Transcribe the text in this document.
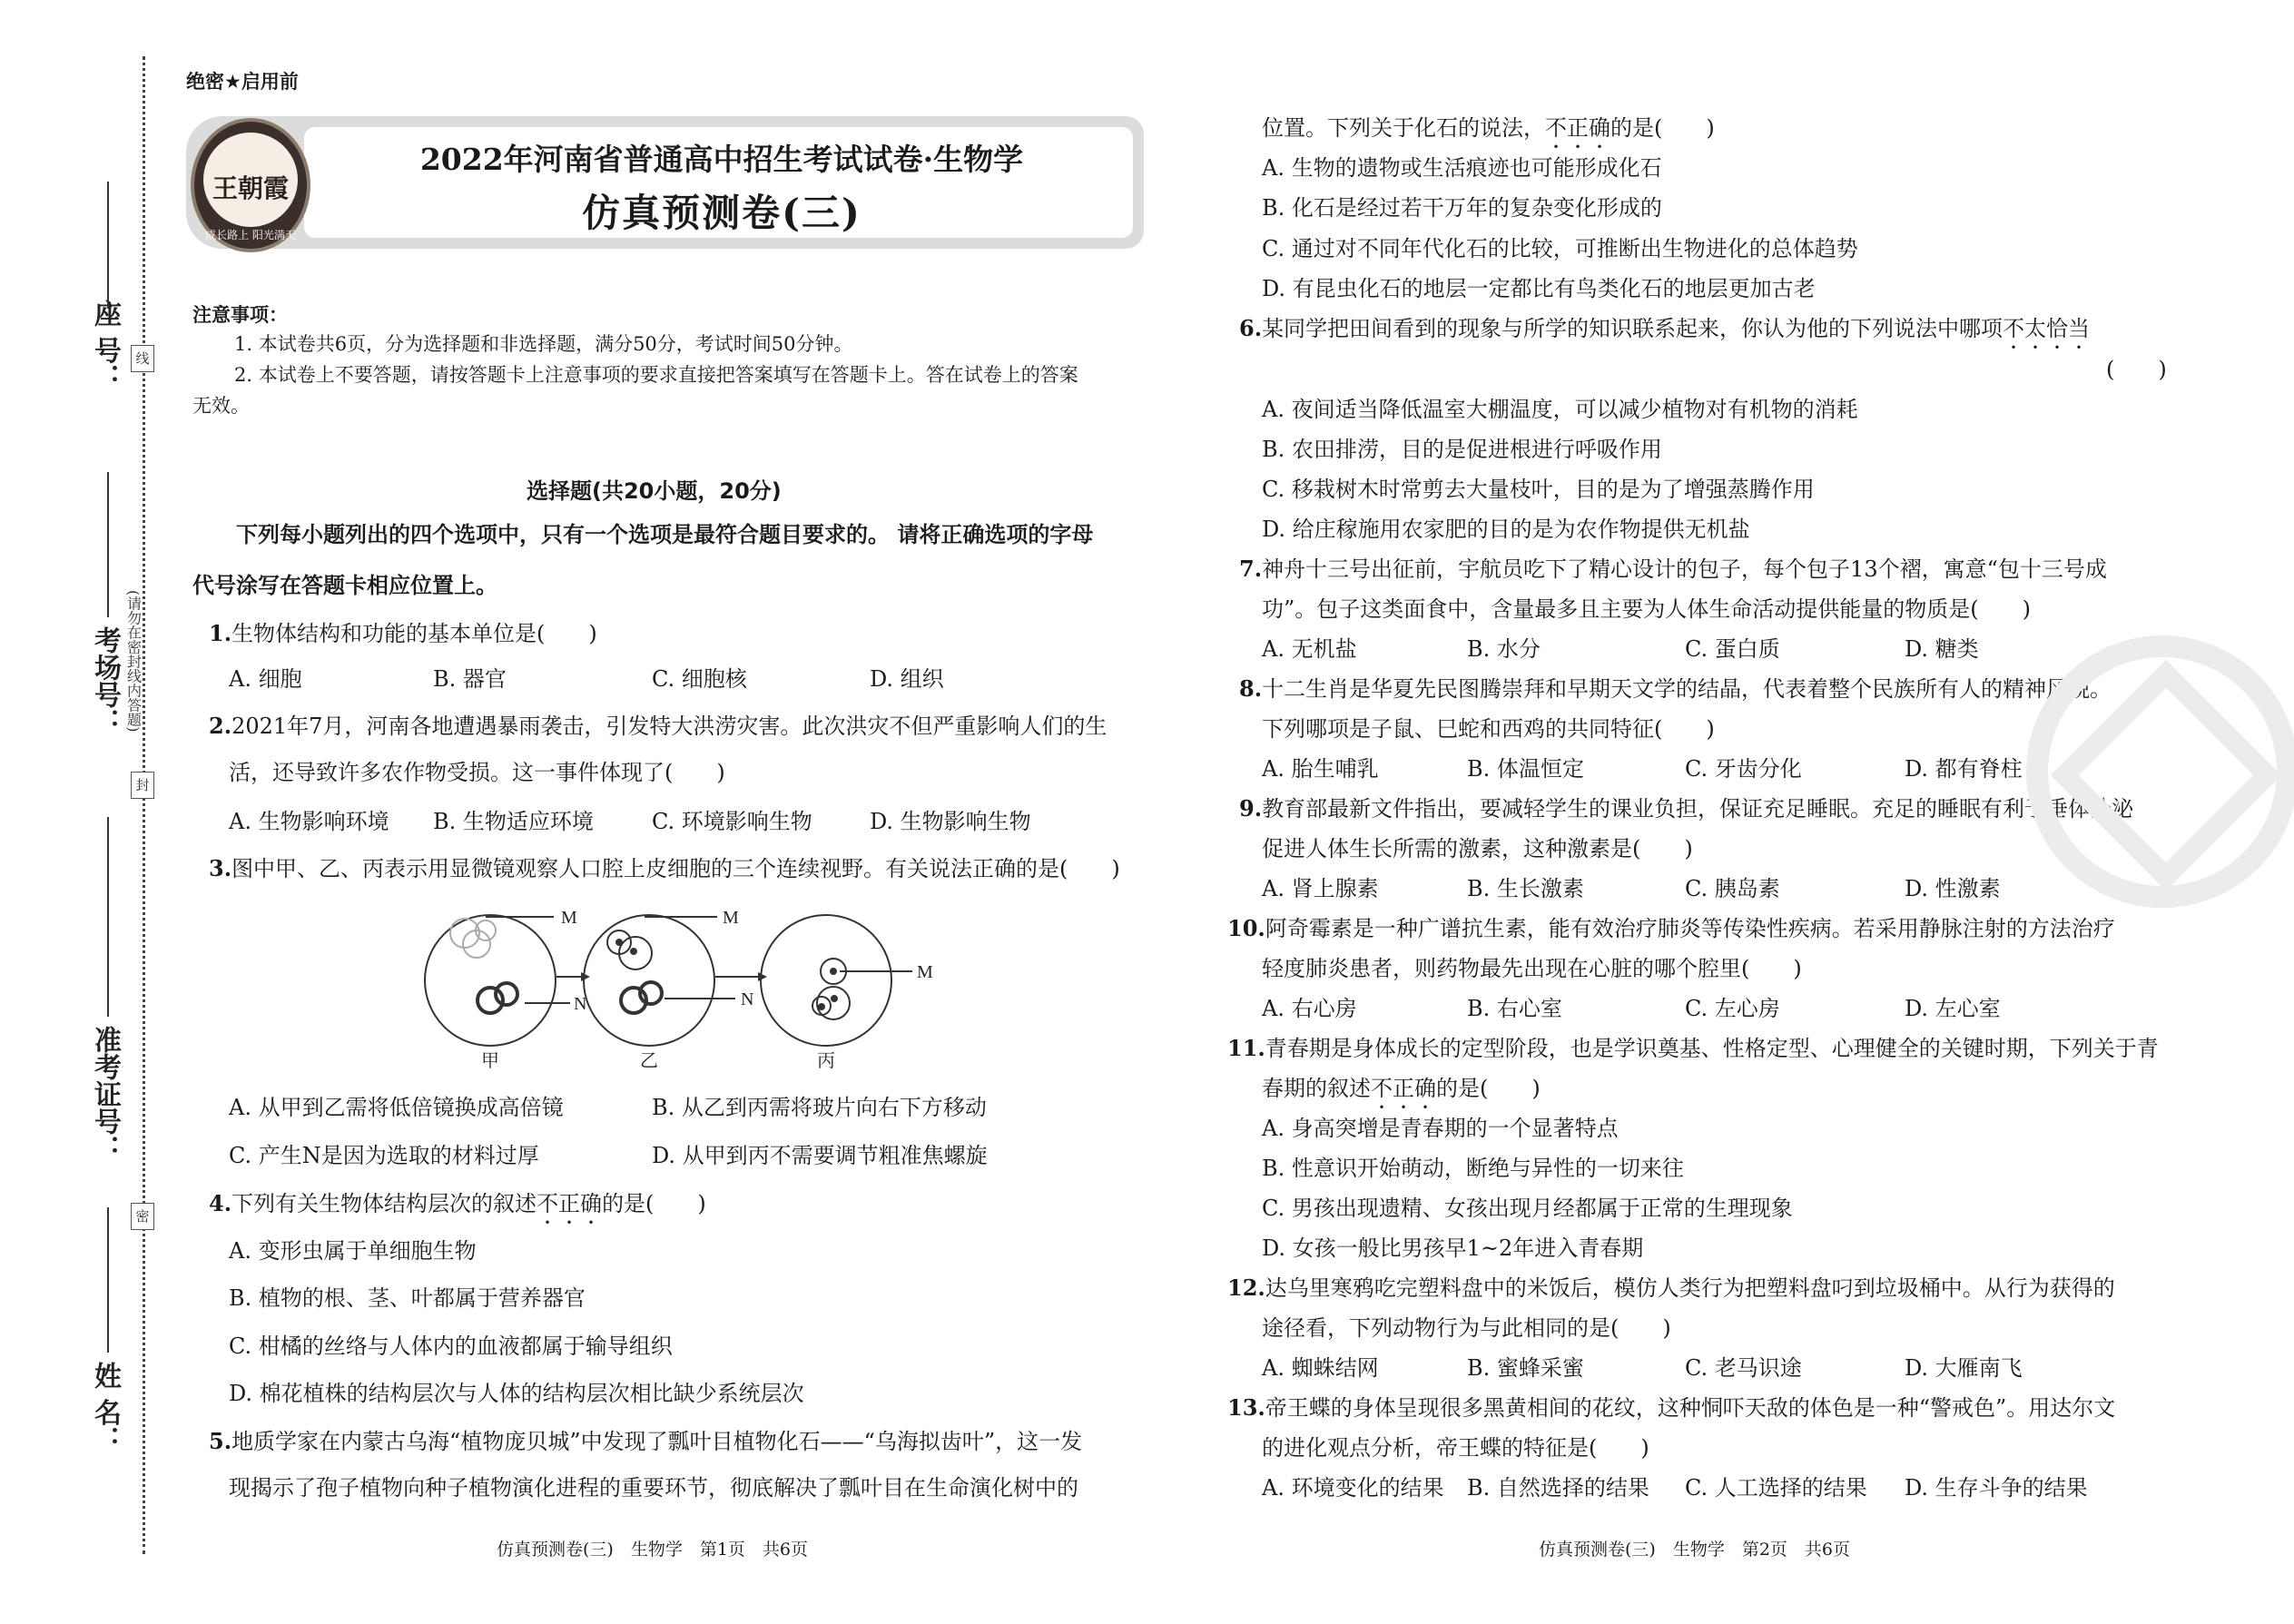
座 号：
考场号：
准考证号：
姓 名：
线
封
密
(请勿在密封线内答题)
绝密★启用前
王朝霞
成长路上 阳光满天
2022年河南省普通高中招生考试试卷·生物学
仿真预测卷(三)
注意事项：
1. 本试卷共6页，分为选择题和非选择题，满分50分，考试时间50分钟。
2. 本试卷上不要答题，请按答题卡上注意事项的要求直接把答案填写在答题卡上。答在试卷上的答案
无效。
选择题(共20小题，20分)
下列每小题列出的四个选项中，只有一个选项是最符合题目要求的。 请将正确选项的字母
代号涂写在答题卡相应位置上。
1.生物体结构和功能的基本单位是(　　)
A. 细胞	B. 器官	C. 细胞核	D. 组织
2.2021年7月，河南各地遭遇暴雨袭击，引发特大洪涝灾害。此次洪灾不但严重影响人们的生
活，还导致许多农作物受损。这一事件体现了(　　)
A. 生物影响环境 B. 生物适应环境	C. 环境影响生物	D. 生物影响生物
3.图中甲、乙、丙表示用显微镜观察人口腔上皮细胞的三个连续视野。有关说法正确的是(　　)
M
N
M
N
M
甲	乙	丙
A. 从甲到乙需将低倍镜换成高倍镜	B. 从乙到丙需将玻片向右下方移动
C. 产生N是因为选取的材料过厚	D. 从甲到丙不需要调节粗准焦螺旋
4.下列有关生物体结构层次的叙述不正确的是(　　)
A. 变形虫属于单细胞生物
B. 植物的根、茎、叶都属于营养器官
C. 柑橘的丝络与人体内的血液都属于输导组织
D. 棉花植株的结构层次与人体的结构层次相比缺少系统层次
5.地质学家在内蒙古乌海“植物庞贝城”中发现了瓢叶目植物化石——“乌海拟齿叶”，这一发
现揭示了孢子植物向种子植物演化进程的重要环节，彻底解决了瓢叶目在生命演化树中的
仿真预测卷(三)　生物学　第1页　共6页
位置。下列关于化石的说法，不正确的是(　　)
A. 生物的遗物或生活痕迹也可能形成化石
B. 化石是经过若干万年的复杂变化形成的
C. 通过对不同年代化石的比较，可推断出生物进化的总体趋势
D. 有昆虫化石的地层一定都比有鸟类化石的地层更加古老
6.某同学把田间看到的现象与所学的知识联系起来，你认为他的下列说法中哪项不太恰当
(　　)
A. 夜间适当降低温室大棚温度，可以减少植物对有机物的消耗
B. 农田排涝，目的是促进根进行呼吸作用
C. 移栽树木时常剪去大量枝叶，目的是为了增强蒸腾作用
D. 给庄稼施用农家肥的目的是为农作物提供无机盐
7.神舟十三号出征前，宇航员吃下了精心设计的包子，每个包子13个褶，寓意“包十三号成
功”。包子这类面食中，含量最多且主要为人体生命活动提供能量的物质是(　　)
A. 无机盐	B. 水分	C. 蛋白质	D. 糖类
8.十二生肖是华夏先民图腾崇拜和早期天文学的结晶，代表着整个民族所有人的精神风貌。
下列哪项是子鼠、巳蛇和西鸡的共同特征(　　)
A. 胎生哺乳	B. 体温恒定	C. 牙齿分化	D. 都有脊柱
9.教育部最新文件指出，要减轻学生的课业负担，保证充足睡眠。充足的睡眠有利于垂体分泌
促进人体生长所需的激素，这种激素是(　　)
A. 肾上腺素	B. 生长激素	C. 胰岛素	D. 性激素
10.阿奇霉素是一种广谱抗生素，能有效治疗肺炎等传染性疾病。若采用静脉注射的方法治疗
轻度肺炎患者，则药物最先出现在心脏的哪个腔里(　　)
A. 右心房	B. 右心室	C. 左心房	D. 左心室
11.青春期是身体成长的定型阶段，也是学识奠基、性格定型、心理健全的关键时期，下列关于青
春期的叙述不正确的是(　　)
A. 身高突增是青春期的一个显著特点
B. 性意识开始萌动，断绝与异性的一切来往
C. 男孩出现遗精、女孩出现月经都属于正常的生理现象
D. 女孩一般比男孩早1~2年进入青春期
12.达乌里寒鸦吃完塑料盘中的米饭后，模仿人类行为把塑料盘叼到垃圾桶中。从行为获得的
途径看，下列动物行为与此相同的是(　　)
A. 蜘蛛结网	B. 蜜蜂采蜜	C. 老马识途	D. 大雁南飞
13.帝王蝶的身体呈现很多黑黄相间的花纹，这种恫吓天敌的体色是一种“警戒色”。用达尔文
的进化观点分析，帝王蝶的特征是(　　)
A. 环境变化的结果 B. 自然选择的结果 C. 人工选择的结果 D. 生存斗争的结果
仿真预测卷(三)　生物学　第2页　共6页
